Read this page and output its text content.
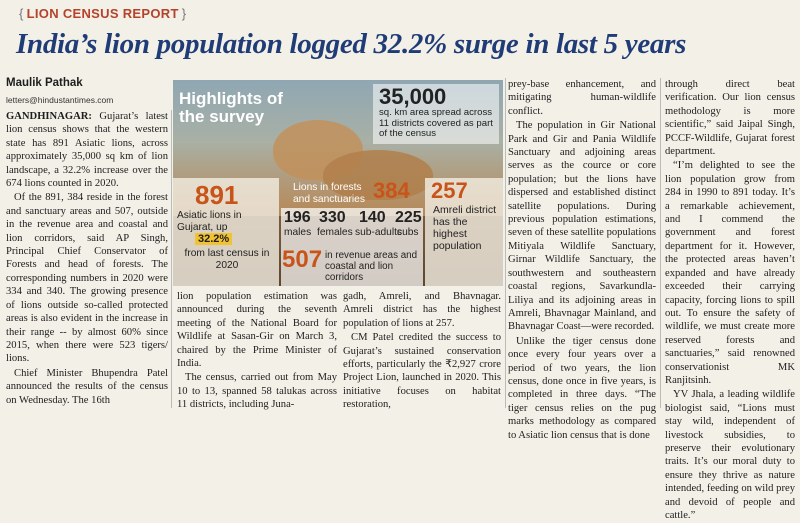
{ LION CENSUS REPORT }
India’s lion population logged 32.2% surge in last 5 years
Maulik Pathak
letters@hindustantimes.com

GANDHINAGAR: Gujarat’s latest lion census shows that the western state has 891 Asiatic lions, across approximately 35,000 sq km of lion landscape, a 32.2% increase over the 674 lions counted in 2020.

Of the 891, 384 reside in the forest and sanctuary areas and 507, outside in the revenue area and coastal and lion corridors, said AP Singh, Principal Chief Conservator of Forests and head of forests. The corresponding numbers in 2020 were 334 and 340. The growing presence of lions outside so-called protected areas is also evident in the increase in their range -- by almost 60% since 2015, when there were 523 tigers/ lions.

Chief Minister Bhupendra Patel announced the results of the census on Wednesday. The 16th

Highlights of the survey
35,000
sq. km area spread across 11 districts covered as part of the census
891
Asiatic lions in Gujarat, up
32.2%
from last census in 2020
Lions in forests and sanctuaries 384 257
Amreli district has the highest population
196
males
330
females
140
sub-adults
225
cubs
507 in revenue areas and coastal and lion corridors

lion population estimation was announced during the seventh meeting of the National Board for Wildlife at Sasan-Gir on March 3, chaired by the Prime Minister of India.

The census, carried out from May 10 to 13, spanned 58 talukas across 11 districts, including Juna-

gadh, Amreli, and Bhavnagar. Amreli district has the highest population of lions at 257.

CM Patel credited the success to Gujarat’s sustained conservation efforts, particularly the ₹2,927 crore Project Lion, launched in 2020. This initiative focuses on habitat restoration,

prey-base enhancement, and mitigating human-wildlife conflict.

The population in Gir National Park and Gir and Pania Wildlife Sanctuary and adjoining areas serves as the cource or core population; but the lions have dispersed and established distinct satellite populations. During previous population estimations, seven of these satellite populations Mitiyala Wildlife Sanctuary, Girnar Wildlife Sanctuary, the southwestern and southeastern coastal regions, Savarkundla-Liliya and its adjoining areas in Amreli, Bhavnagar Mainland, and Bhavnagar Coast—were recorded.

Unlike the tiger census done once every four years over a period of two years, the lion census, done once in five years, is completed in three days. “The tiger census relies on the pug marks methodology as compared to Asiatic lion census that is done

through direct beat verification. Our lion census methodology is more scientific,” said Jaipal Singh, PCCF-Wildlife, Gujarat forest department.

“I’m delighted to see the lion population grow from 284 in 1990 to 891 today. It’s a remarkable achievement, and I commend the government and forest department for it. However, the protected areas haven’t expanded and have already exceeded their carrying capacity, forcing lions to spill out. To ensure the safety of wildlife, we must create more reserved forests and sanctuaries,” said renowned conservationist MK Ranjitsinh.

YV Jhala, a leading wildlife biologist said, “Lions must stay wild, independent of livestock subsidies, to preserve their evolutionary traits. It’s our moral duty to ensure they thrive as nature intended, feeding on wild prey and devoid of people and cattle.”
